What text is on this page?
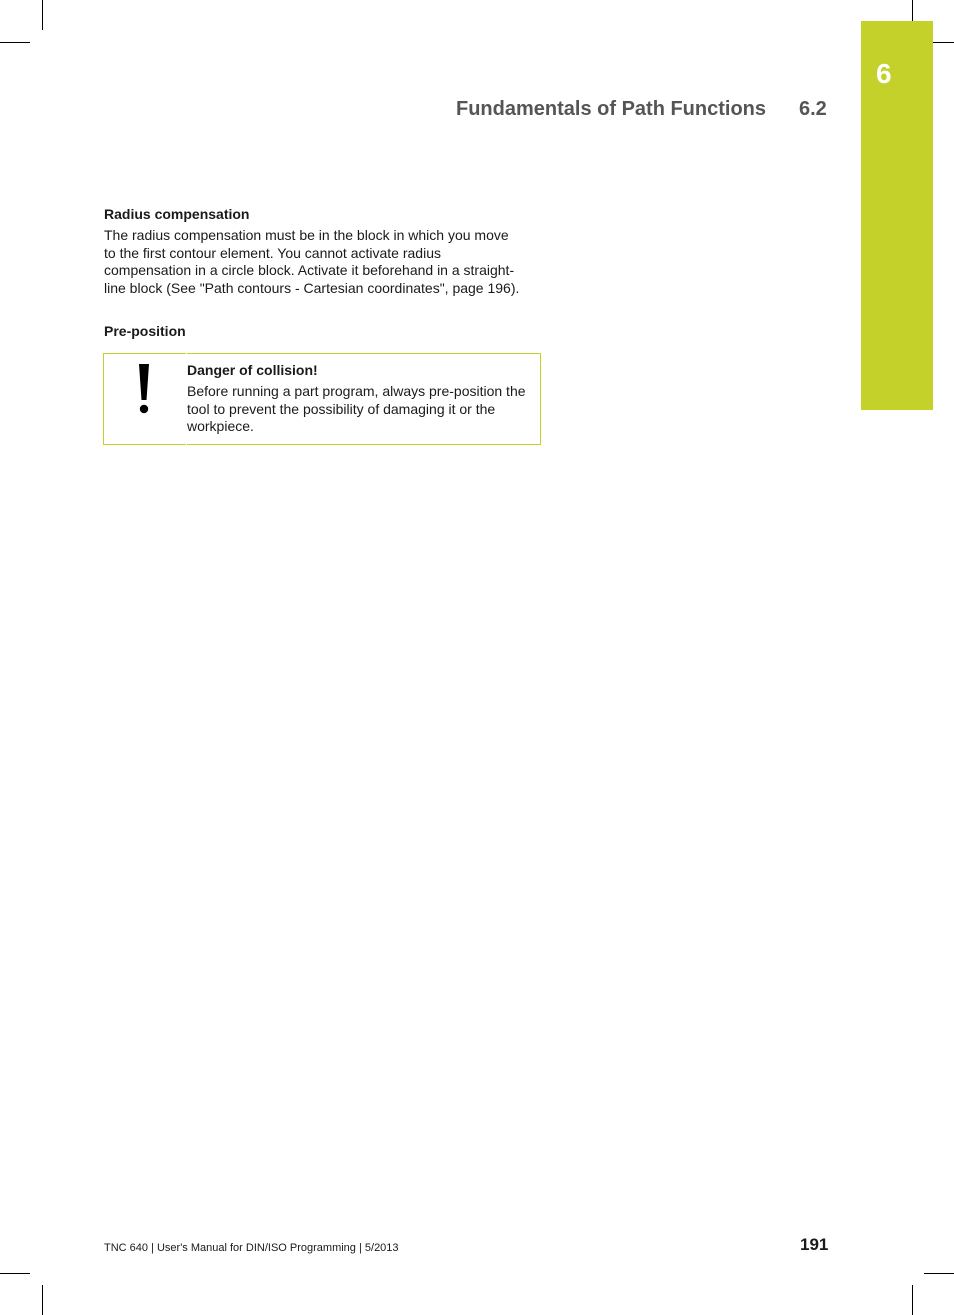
6
Fundamentals of Path Functions 6.2
Radius compensation
The radius compensation must be in the block in which you move to the first contour element. You cannot activate radius compensation in a circle block. Activate it beforehand in a straight-line block (See "Path contours - Cartesian coordinates", page 196).
Pre-position
Danger of collision!
Before running a part program, always pre-position the tool to prevent the possibility of damaging it or the workpiece.
TNC 640 | User's Manual for DIN/ISO Programming | 5/2013	191
